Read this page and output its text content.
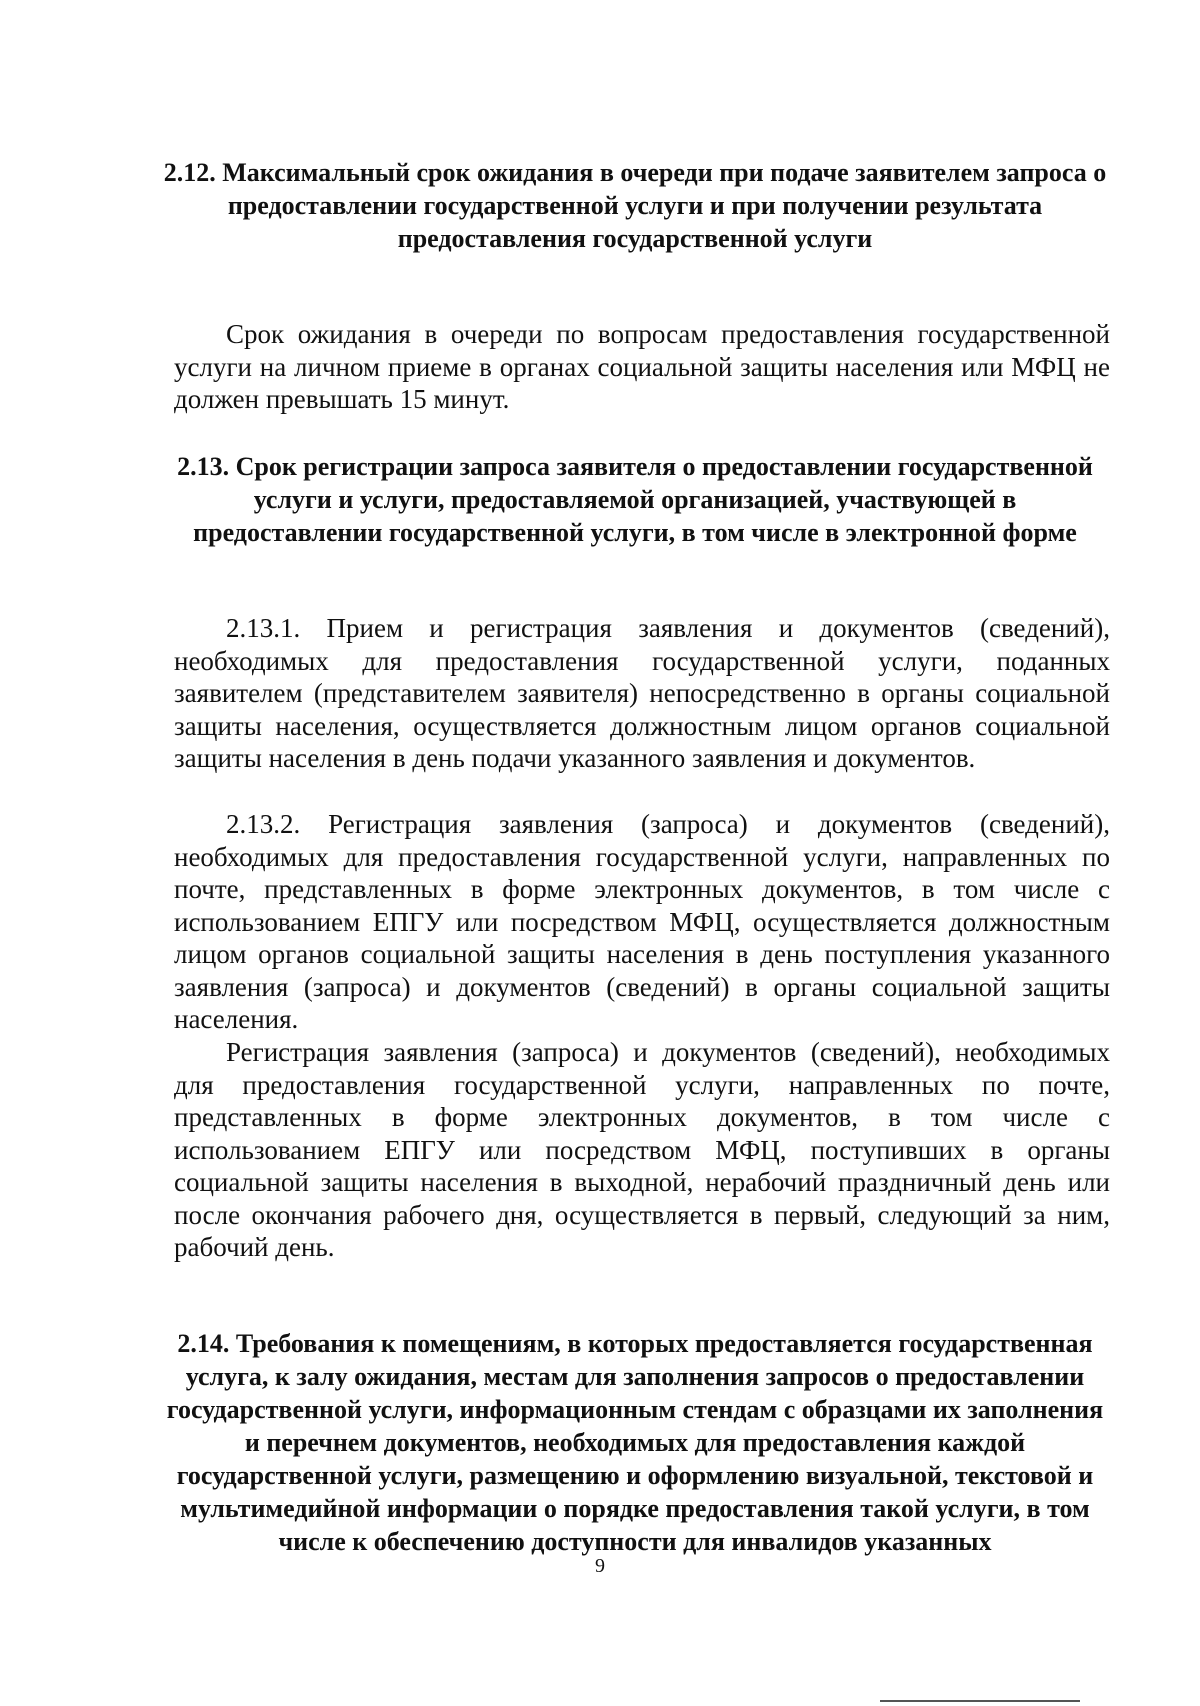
2.12. Максимальный срок ожидания в очереди при подаче заявителем запроса о предоставлении государственной услуги и при получении результата предоставления государственной услуги

Срок ожидания в очереди по вопросам предоставления государственной услуги на личном приеме в органах социальной защиты населения или МФЦ не должен превышать 15 минут.

2.13. Срок регистрации запроса заявителя о предоставлении государственной услуги и услуги, предоставляемой организацией, участвующей в предоставлении государственной услуги, в том числе в электронной форме

2.13.1. Прием и регистрация заявления и документов (сведений), необходимых для предоставления государственной услуги, поданных заявителем (представителем заявителя) непосредственно в органы социальной защиты населения, осуществляется должностным лицом органов социальной защиты населения в день подачи указанного заявления и документов.

2.13.2. Регистрация заявления (запроса) и документов (сведений), необходимых для предоставления государственной услуги, направленных по почте, представленных в форме электронных документов, в том числе с использованием ЕПГУ или посредством МФЦ, осуществляется должностным лицом органов социальной защиты населения в день поступления указанного заявления (запроса) и документов (сведений) в органы социальной защиты населения.

Регистрация заявления (запроса) и документов (сведений), необходимых для предоставления государственной услуги, направленных по почте, представленных в форме электронных документов, в том числе с использованием ЕПГУ или посредством МФЦ, поступивших в органы социальной защиты населения в выходной, нерабочий праздничный день или после окончания рабочего дня, осуществляется в первый, следующий за ним, рабочий день.

2.14. Требования к помещениям, в которых предоставляется государственная услуга, к залу ожидания, местам для заполнения запросов о предоставлении государственной услуги, информационным стендам с образцами их заполнения и перечнем документов, необходимых для предоставления каждой государственной услуги, размещению и оформлению визуальной, текстовой и мультимедийной информации о порядке предоставления такой услуги, в том числе к обеспечению доступности для инвалидов указанных
9
